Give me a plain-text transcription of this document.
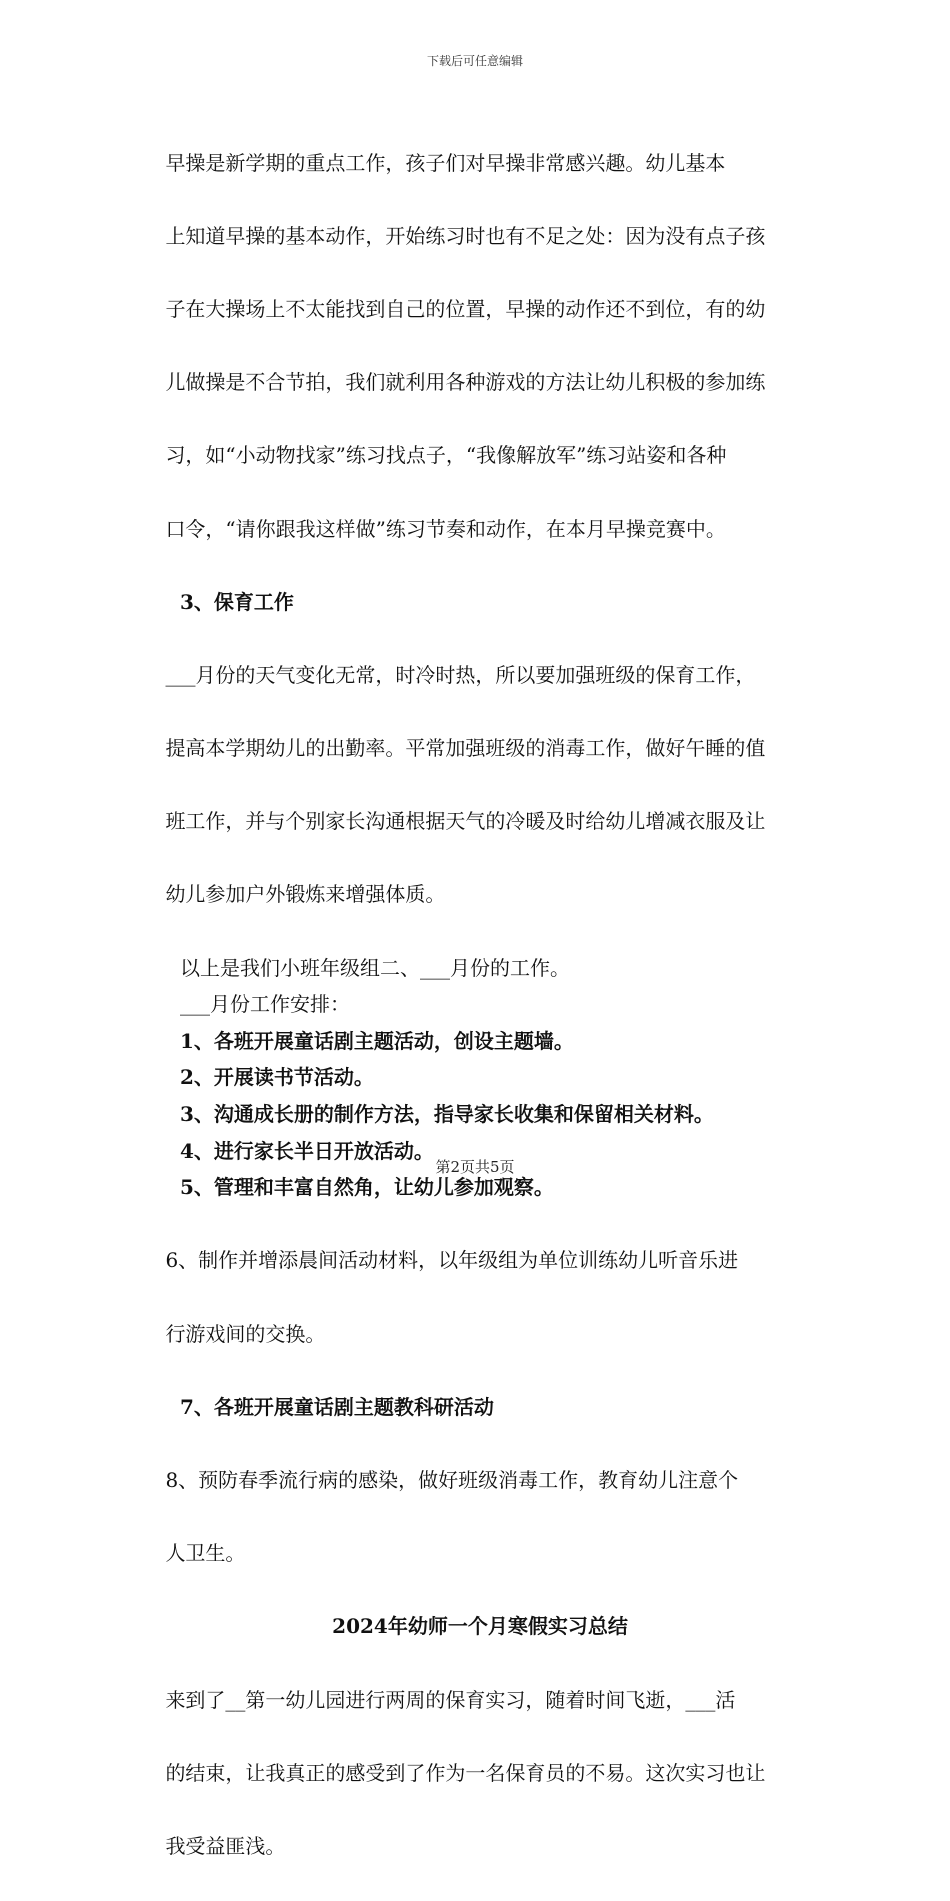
下载后可任意编辑

早操是新学期的重点工作，孩子们对早操非常感兴趣。幼儿基本

上知道早操的基本动作，开始练习时也有不足之处：因为没有点子孩

子在大操场上不太能找到自己的位置，早操的动作还不到位，有的幼

儿做操是不合节拍，我们就利用各种游戏的方法让幼儿积极的参加练

习，如“小动物找家”练习找点子，“我像解放军”练习站姿和各种

口令，“请你跟我这样做”练习节奏和动作，在本月早操竞赛中。

3、保育工作

___月份的天气变化无常，时冷时热，所以要加强班级的保育工作，

提高本学期幼儿的出勤率。平常加强班级的消毒工作，做好午睡的值

班工作，并与个别家长沟通根据天气的冷暖及时给幼儿增减衣服及让

幼儿参加户外锻炼来增强体质。

以上是我们小班年级组二、___月份的工作。
___月份工作安排：
1、各班开展童话剧主题活动，创设主题墙。
2、开展读书节活动。
3、沟通成长册的制作方法，指导家长收集和保留相关材料。
4、进行家长半日开放活动。
5、管理和丰富自然角，让幼儿参加观察。

6、制作并增添晨间活动材料，以年级组为单位训练幼儿听音乐进

行游戏间的交换。

7、各班开展童话剧主题教科研活动

8、预防春季流行病的感染，做好班级消毒工作，教育幼儿注意个

人卫生。

2024年幼师一个月寒假实习总结

来到了__第一幼儿园进行两周的保育实习，随着时间飞逝，___活

的结束，让我真正的感受到了作为一名保育员的不易。这次实习也让

我受益匪浅。

第2页共5页
